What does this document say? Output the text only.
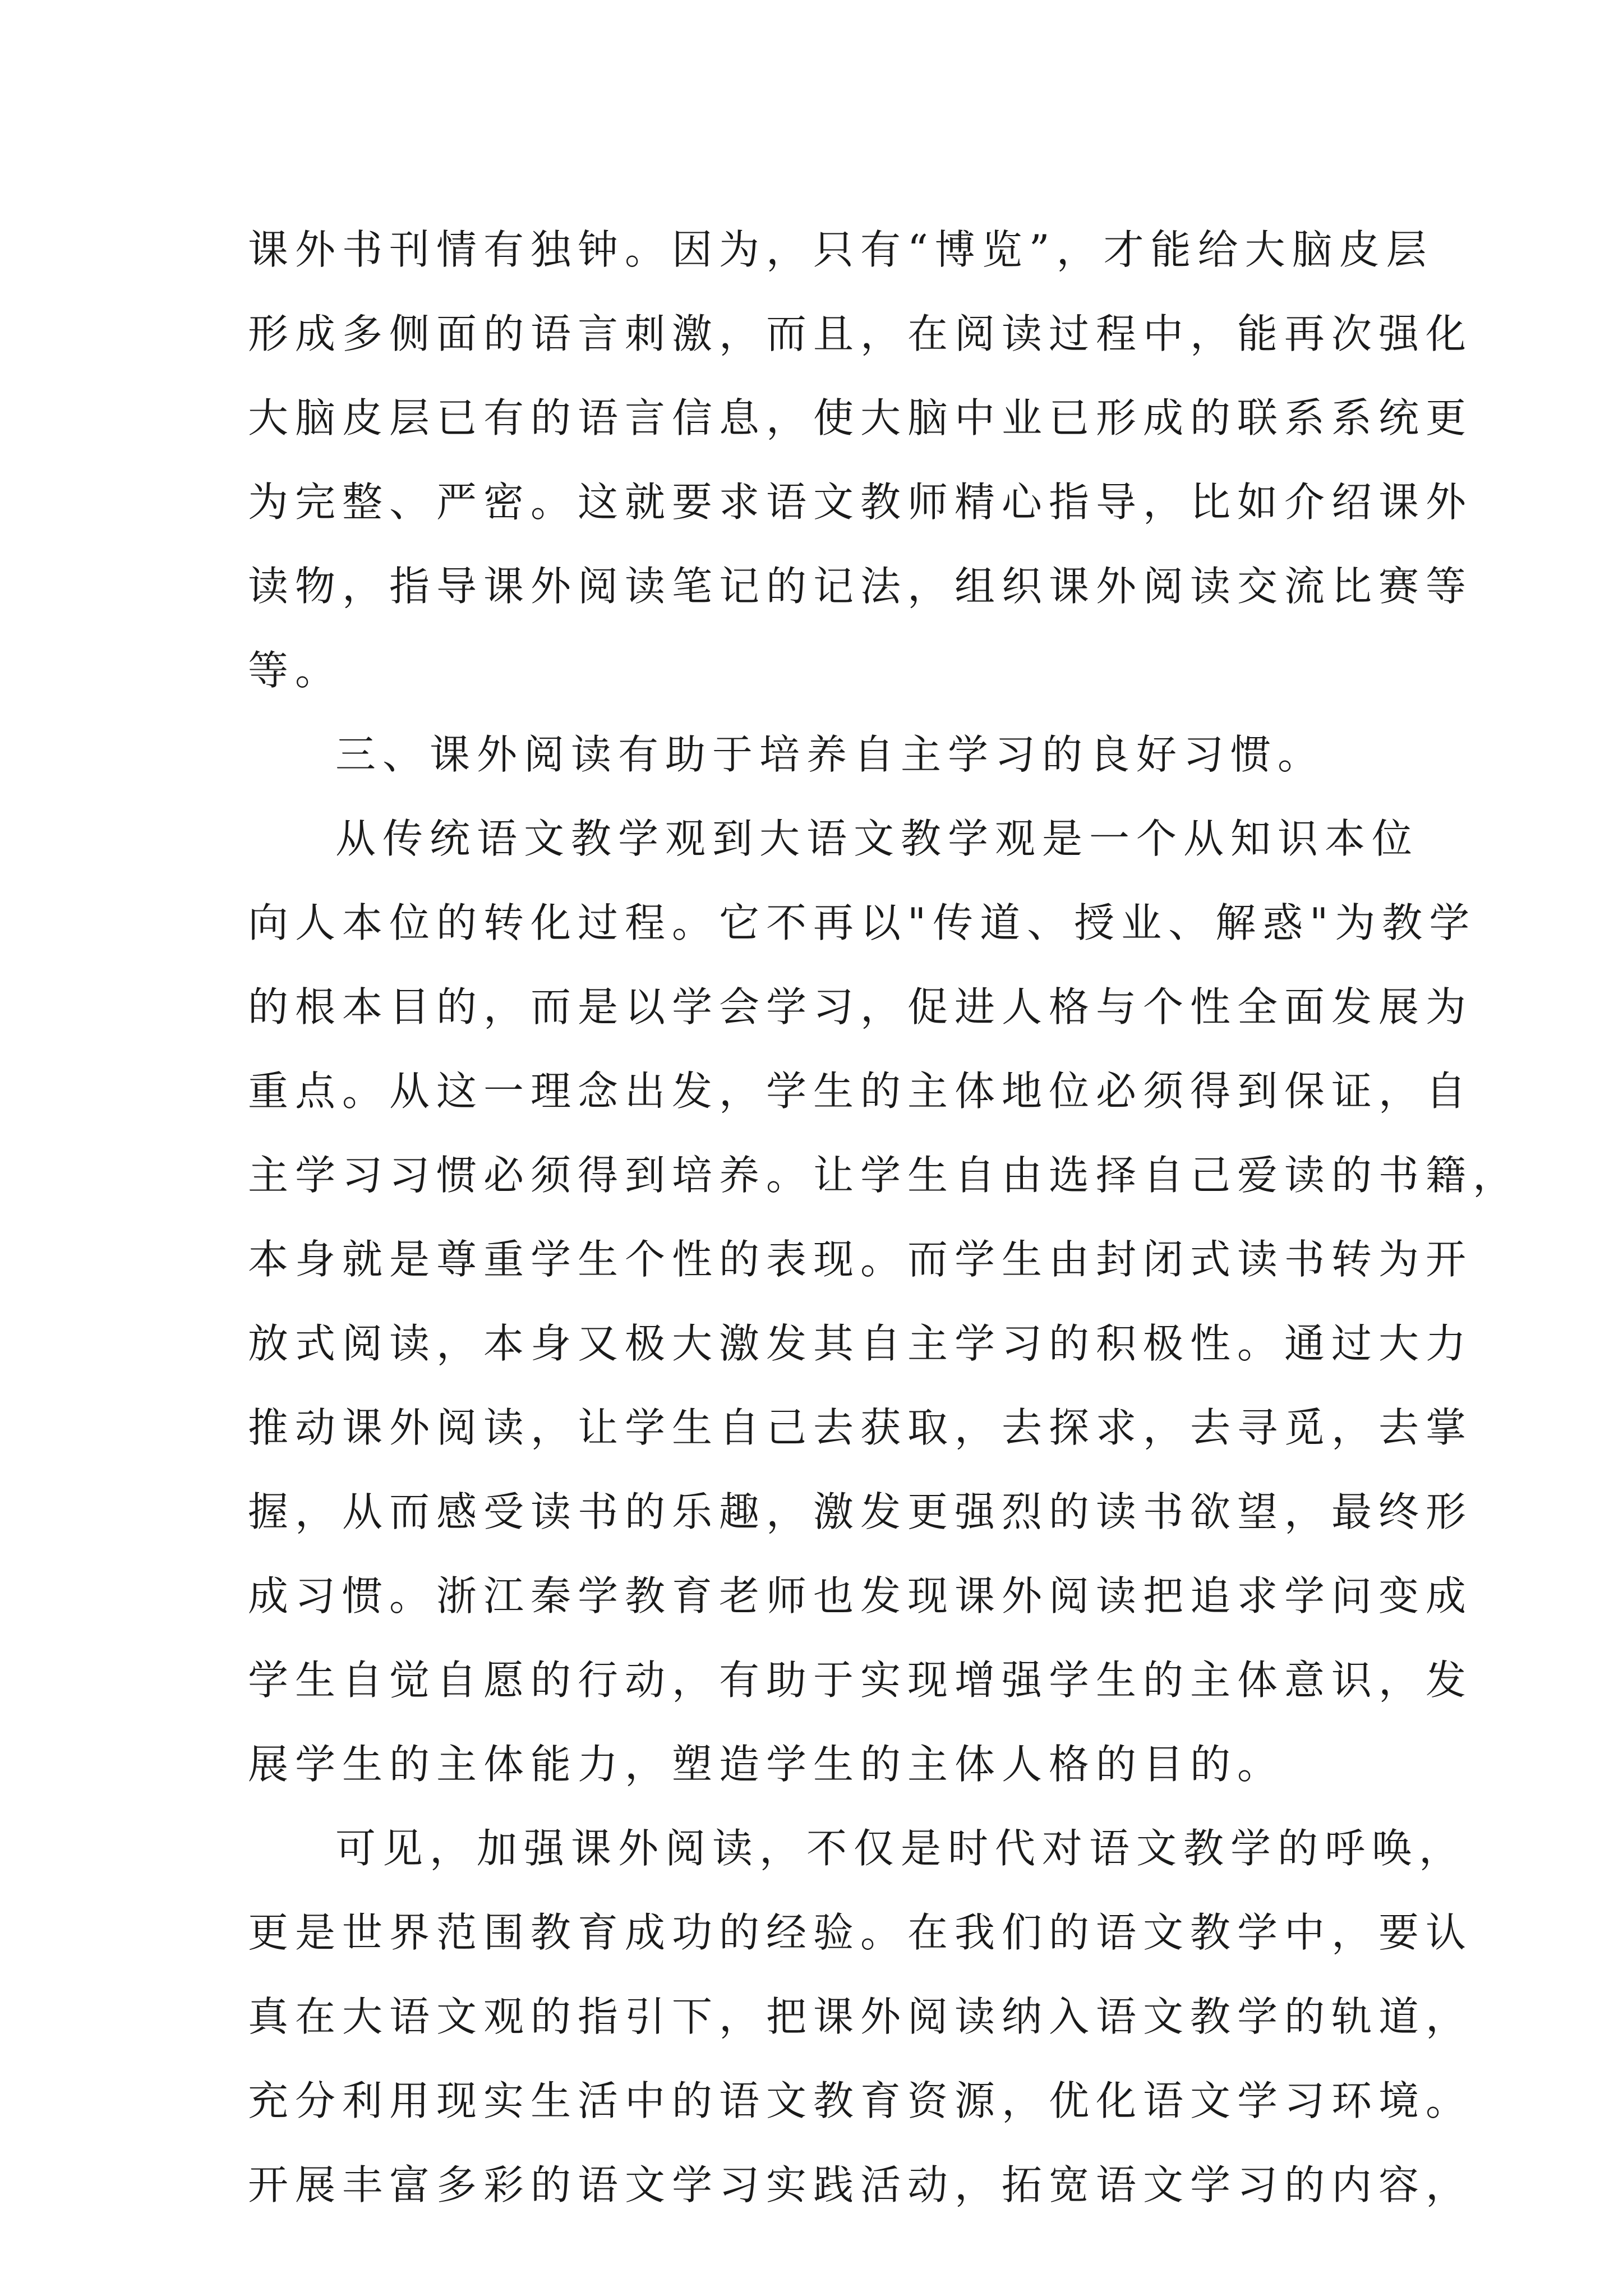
课外书刊情有独钟。因为，只有“博览”，才能给大脑皮层
形成多侧面的语言刺激，而且，在阅读过程中，能再次强化
大脑皮层已有的语言信息，使大脑中业已形成的联系系统更
为完整、严密。这就要求语文教师精心指导，比如介绍课外
读物，指导课外阅读笔记的记法，组织课外阅读交流比赛等
等。
三、课外阅读有助于培养自主学习的良好习惯。
从传统语文教学观到大语文教学观是一个从知识本位
向人本位的转化过程。它不再以"传道、授业、解惑"为教学
的根本目的，而是以学会学习，促进人格与个性全面发展为
重点。从这一理念出发，学生的主体地位必须得到保证，自
主学习习惯必须得到培养。让学生自由选择自己爱读的书籍，
本身就是尊重学生个性的表现。而学生由封闭式读书转为开
放式阅读，本身又极大激发其自主学习的积极性。通过大力
推动课外阅读，让学生自己去获取，去探求，去寻觅，去掌
握，从而感受读书的乐趣，激发更强烈的读书欲望，最终形
成习惯。浙江秦学教育老师也发现课外阅读把追求学问变成
学生自觉自愿的行动，有助于实现增强学生的主体意识，发
展学生的主体能力，塑造学生的主体人格的目的。
可见，加强课外阅读，不仅是时代对语文教学的呼唤，
更是世界范围教育成功的经验。在我们的语文教学中，要认
真在大语文观的指引下，把课外阅读纳入语文教学的轨道，
充分利用现实生活中的语文教育资源，优化语文学习环境。
开展丰富多彩的语文学习实践活动，拓宽语文学习的内容，
